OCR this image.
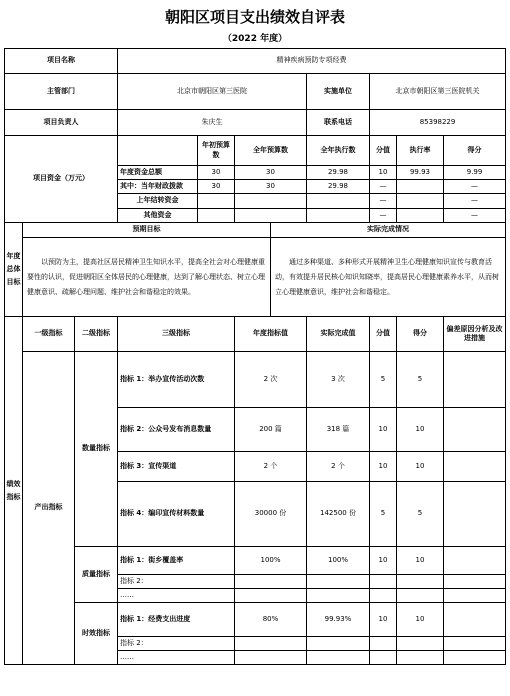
朝阳区项目支出绩效自评表
（2022 年度）
项目名称			精神疾病预防专项经费							
主管部门			北京市朝阳区第三医院				实施单位	北京市朝阳区第三医院机关		
项目负责人			朱庆生				联系电话	85398229		
项目资金（万元）				年初预算数	全年预算数		全年执行数	分值	执行率	得分
			年度资金总额	30	30		29.98	10	99.93	9.99
			其中：当年财政拨款	30	30		29.98	—		—
			上年结转资金					—		—
			其他资金					—		—
年度总体目标	预期目标					实际完成情况				
	以预防为主，提高社区居民精神卫生知识水平，提高全社会对心理健康重要性的认识，促进朝阳区全体居民的心理健康，达到了解心理状态、树立心理健康意识、疏解心理问题、维护社会和谐稳定的效果。					通过多种渠道、多种形式开展精神卫生心理健康知识宣传与教育活动，有效提升居民核心知识知晓率，提高居民心理健康素养水平，从而树立心理健康意识，维护社会和谐稳定。				
绩效指标	一级指标	二级指标	三级指标		年度指标值		实际完成值	分值	得分	偏差原因分析及改进措施
	产出指标	数量指标	指标 1：举办宣传活动次数		2 次		3 次	5	5	
			指标 2：公众号发布消息数量		200 篇		318 篇	10	10	
			指标 3：宣传渠道		2 个		2 个	10	10	
			指标 4：编印宣传材料数量		30000 份		142500 份	5	5	
		质量指标	指标 1：街乡覆盖率		100%		100%	10	10	
			指标 2：							
			……							
		时效指标	指标 1：经费支出进度		80%		99.93%	10	10	
			指标 2：							
			……							
